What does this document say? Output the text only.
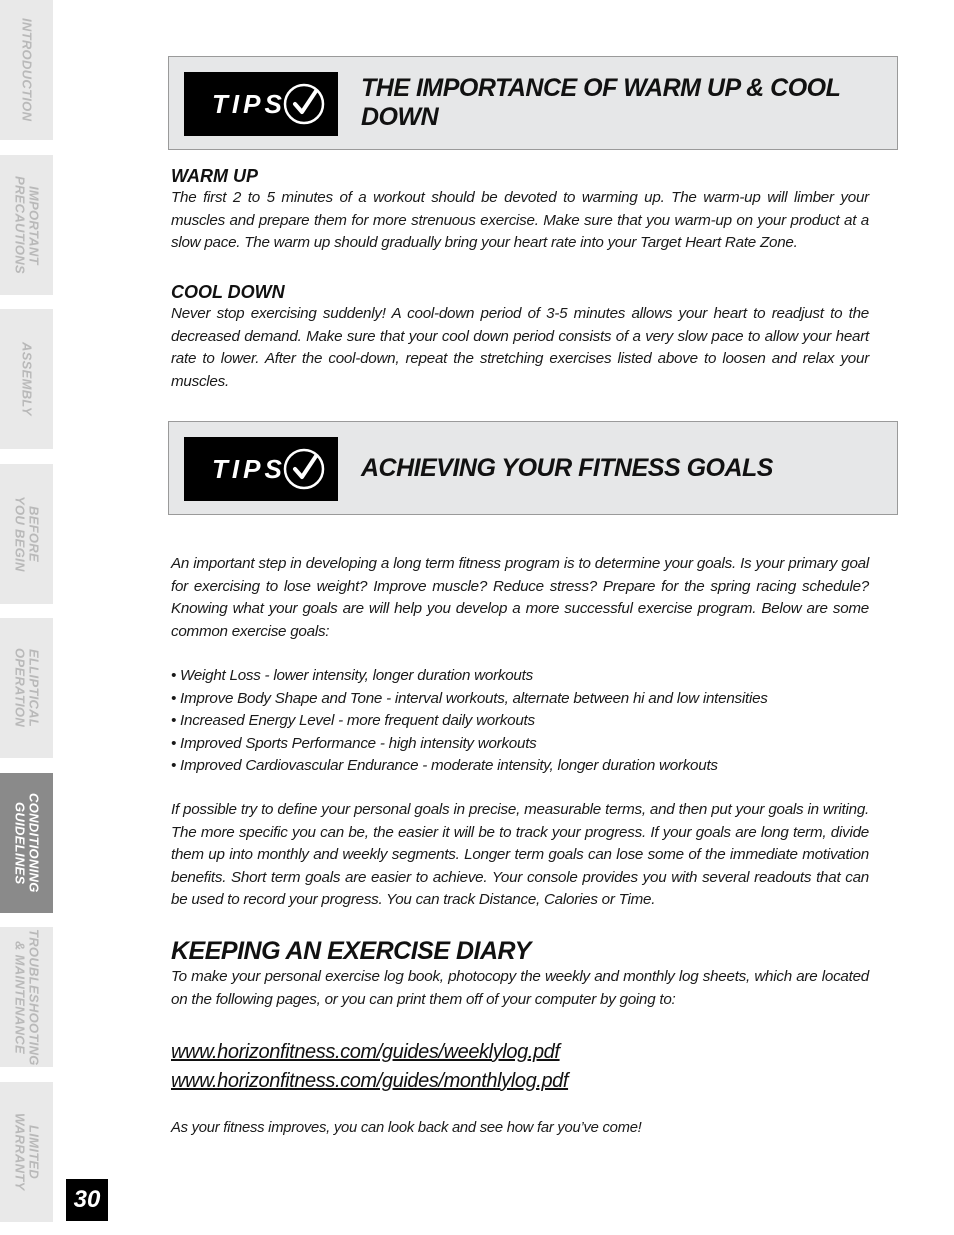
INTRODUCTION
IMPORTANT
PRECAUTIONS
ASSEMBLY
BEFORE
YOU BEGIN
ELLIPTICAL
OPERATION
CONDITIONING
GUIDELINES
TROUBLESHOOTING
& MAINTENANCE
LIMITED
WARRANTY
30
TIPS
THE IMPORTANCE OF WARM UP & COOL DOWN
WARM UP

The first 2 to 5 minutes of a workout should be devoted to warming up. The warm-up will limber your muscles and prepare them for more strenuous exercise. Make sure that you warm-up on your product at a slow pace. The warm up should gradually bring your heart rate into your Target Heart Rate Zone.

COOL DOWN

Never stop exercising suddenly! A cool-down period of 3-5 minutes allows your heart to readjust to the decreased demand. Make sure that your cool down period consists of a very slow pace to allow your heart rate to lower. After the cool-down, repeat the stretching exercises listed above to loosen and relax your muscles.

TIPS	ACHIEVING YOUR FITNESS GOALS

An important step in developing a long term fitness program is to determine your goals. Is your primary goal for exercising to lose weight? Improve muscle? Reduce stress? Prepare for the spring racing schedule? Knowing what your goals are will help you develop a more successful exercise program. Below are some common exercise goals:

• Weight Loss - lower intensity, longer duration workouts
• Improve Body Shape and Tone - interval workouts, alternate between hi and low intensities
• Increased Energy Level - more frequent daily workouts
• Improved Sports Performance - high intensity workouts
• Improved Cardiovascular Endurance - moderate intensity, longer duration workouts

If possible try to define your personal goals in precise, measurable terms, and then put your goals in writing. The more specific you can be, the easier it will be to track your progress. If your goals are long term, divide them up into monthly and weekly segments. Longer term goals can lose some of the immediate motivation benefits. Short term goals are easier to achieve. Your console provides you with several readouts that can be used to record your progress. You can track Distance, Calories or Time.

KEEPING AN EXERCISE DIARY

To make your personal exercise log book, photocopy the weekly and monthly log sheets, which are located on the following pages, or you can print them off of your computer by going to:

www.horizonfitness.com/guides/weeklylog.pdf
www.horizonfitness.com/guides/monthlylog.pdf

As your fitness improves, you can look back and see how far you’ve come!
